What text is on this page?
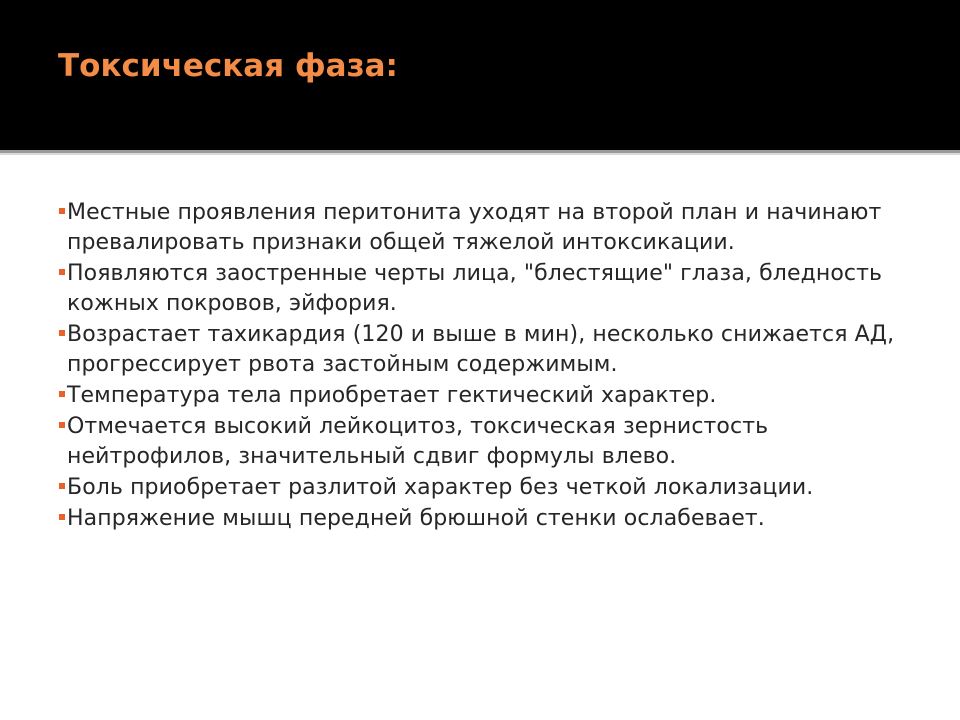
Токсическая фаза:
Местные проявления перитонита уходят на второй план и начинают превалировать признаки общей тяжелой интоксикации.
Появляются заостренные черты лица, "блестящие" глаза, бледность кожных покровов, эйфория.
Возрастает тахикардия (120 и выше в мин), несколько снижается АД, прогрессирует рвота застойным содержимым.
Температура тела приобретает гектический характер.
Отмечается высокий лейкоцитоз, токсическая зернистость нейтрофилов, значительный сдвиг формулы влево.
Боль приобретает разлитой характер без четкой локализации.
Напряжение мышц передней брюшной стенки ослабевает.
